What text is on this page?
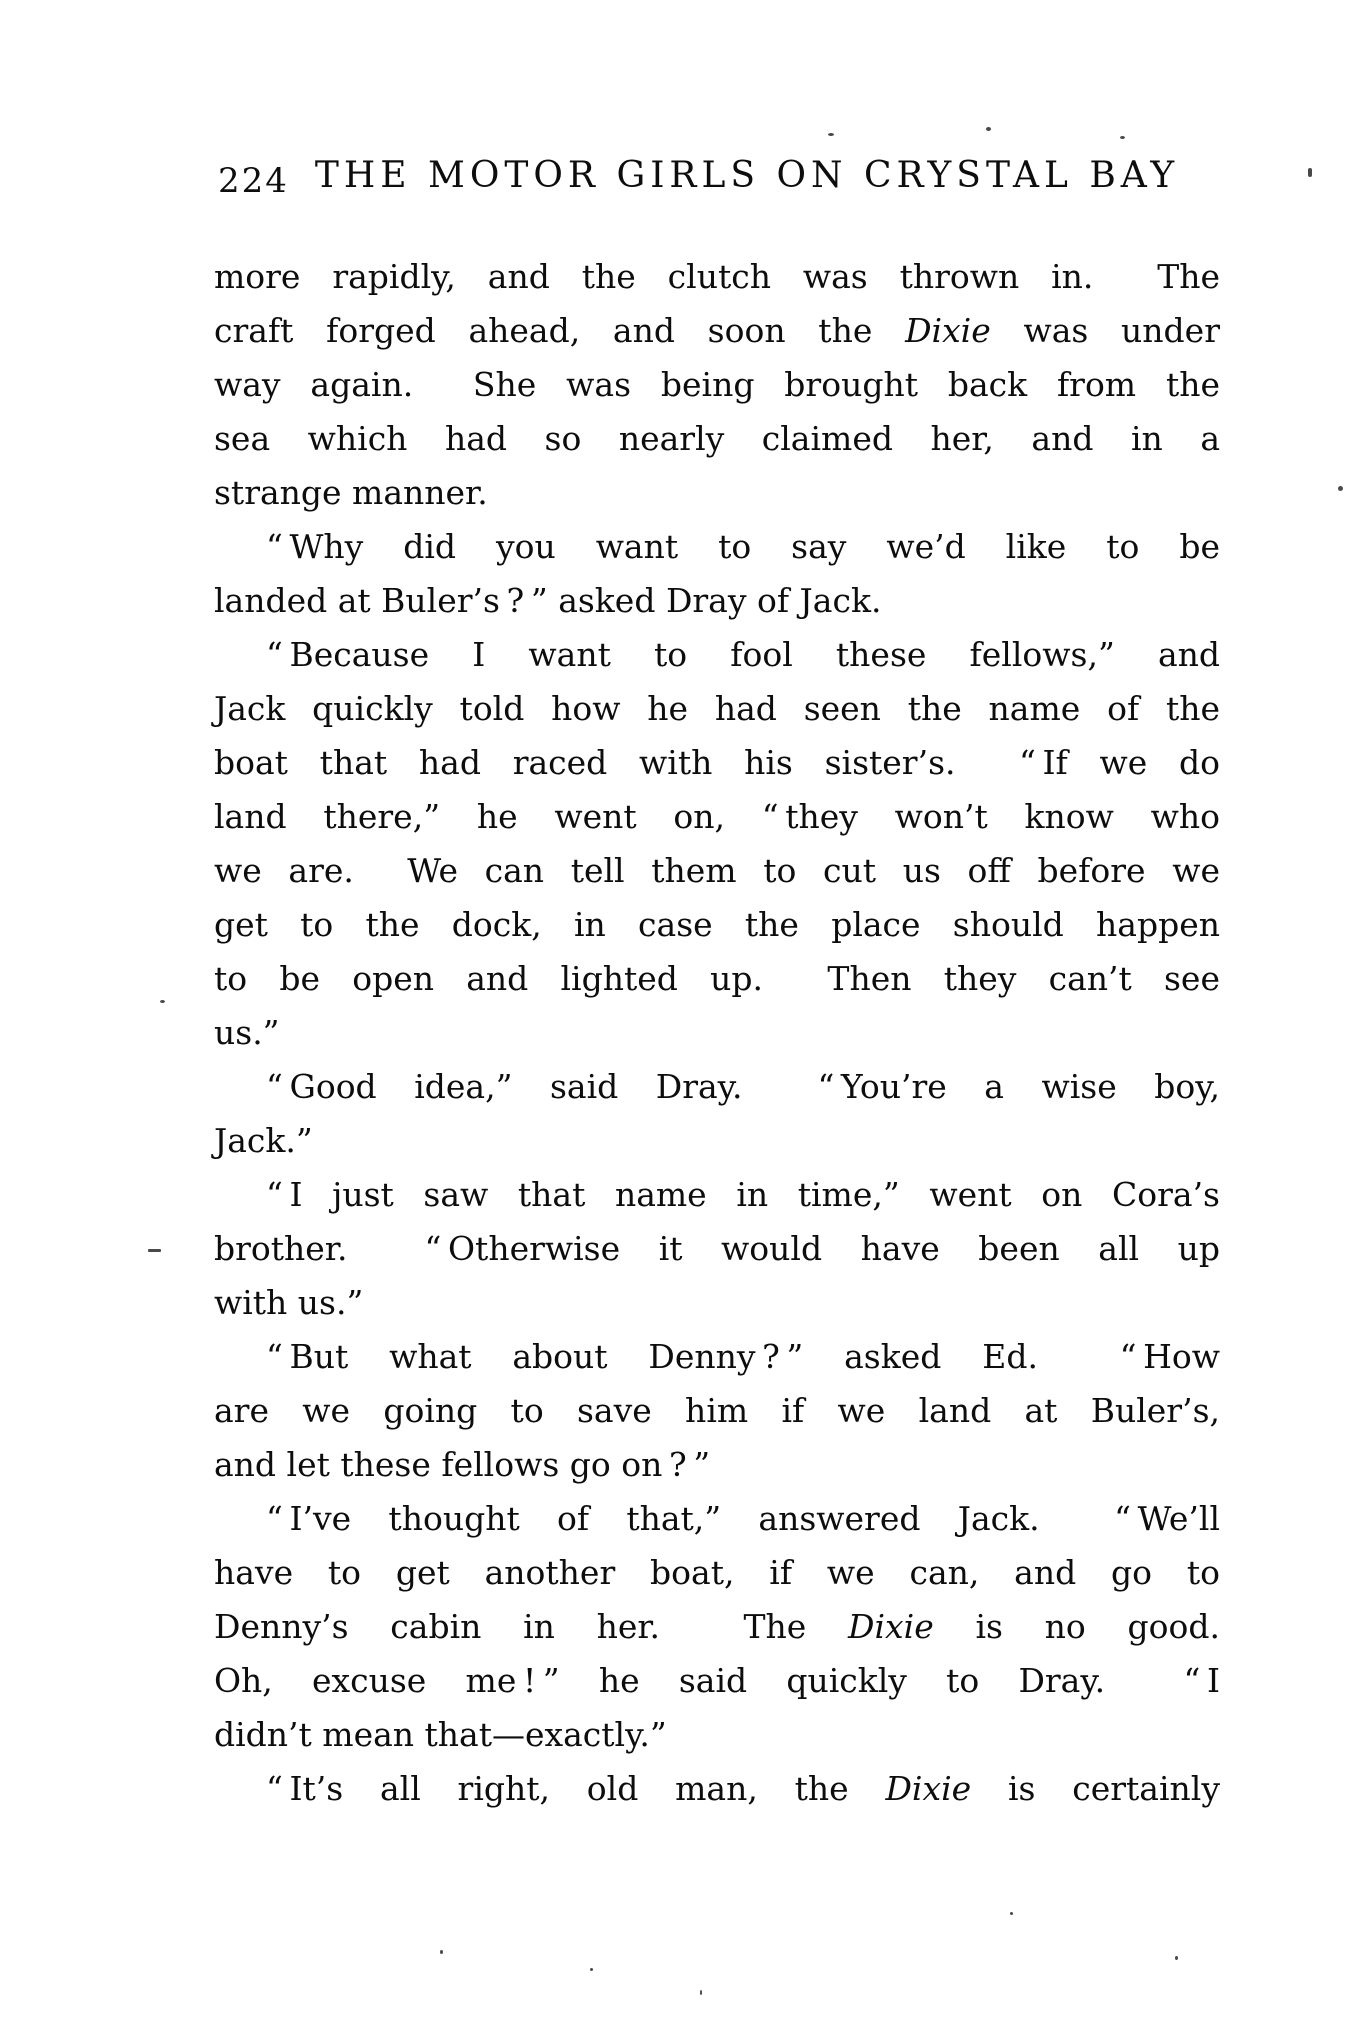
224 THE MOTOR GIRLS ON CRYSTAL BAY
more rapidly, and the clutch was thrown in.  The
craft forged ahead, and soon the Dixie was under
way again.  She was being brought back from the
sea which had so nearly claimed her, and in a
strange manner.
“ Why did you want to say we’d like to be
landed at Buler’s ? ” asked Dray of Jack.
“ Because I want to fool these fellows,” and
Jack quickly told how he had seen the name of the
boat that had raced with his sister’s.  “ If we do
land there,” he went on, “ they won’t know who
we are.  We can tell them to cut us off before we
get to the dock, in case the place should happen
to be open and lighted up.  Then they can’t see
us.”
“ Good idea,” said Dray.  “ You’re a wise boy,
Jack.”
“ I just saw that name in time,” went on Cora’s
brother.  “ Otherwise it would have been all up
with us.”
“ But what about Denny ? ” asked Ed.  “ How
are we going to save him if we land at Buler’s,
and let these fellows go on ? ”
“ I’ve thought of that,” answered Jack.  “ We’ll
have to get another boat, if we can, and go to
Denny’s cabin in her.  The Dixie is no good.
Oh, excuse me ! ” he said quickly to Dray.  “ I
didn’t mean that—exactly.”
“ It’s all right, old man, the Dixie is certainly
